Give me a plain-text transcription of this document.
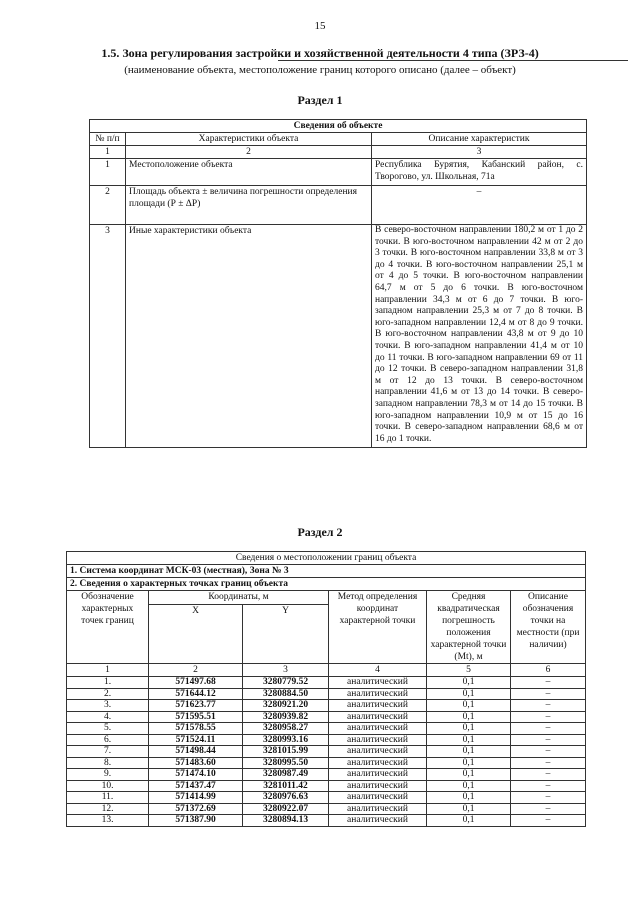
15
1.5. Зона регулирования застройки и хозяйственной деятельности 4 типа (ЗРЗ-4)
(наименование объекта, местоположение границ которого описано (далее – объект)
Раздел 1
Сведения об объекте		
№ п/п	Характеристики объекта	Описание характеристик
1	2	3
1	Местоположение объекта	Республика Бурятия, Кабанский район, с. Творогово, ул. Школьная, 71а
2	Площадь объекта ± величина погрешности определения площади (Р ± ΔР)	–
3	Иные характеристики объекта	В северо-восточном направлении 180,2 м от 1 до 2 точки. В юго-восточном направлении 42 м от 2 до 3 точки. В юго-восточном направлении 33,8 м от 3 до 4 точки. В юго-восточном направлении 25,1 м от 4 до 5 точки. В юго-восточном направлении 64,7 м от 5 до 6 точки. В юго-восточном направлении 34,3 м от 6 до 7 точки. В юго-западном направлении 25,3 м от 7 до 8 точки. В юго-западном направлении 12,4 м от 8 до 9 точки. В юго-восточном направлении 43,8 м от 9 до 10 точки. В юго-западном направлении 41,4 м от 10 до 11 точки. В юго-западном направлении 69 от 11 до 12 точки. В северо-западном направлении 31,8 м от 12 до 13 точки. В северо-восточном направлении 41,6 м от 13 до 14 точки. В северо-западном направлении 78,3 м от 14 до 15 точки. В юго-западном направлении 10,9 м от 15 до 16 точки. В северо-западном направлении 68,6 м от 16 до 1 точки.
Раздел 2
Сведения о местоположении границ объекта					
1. Система координат МСК-03 (местная), Зона № 3					
2. Сведения о характерных точках границ объекта					
Обозначение характерных точек границ	Координаты, м		Метод определения координат характерной точки	Средняя квадратическая погрешность положения характерной точки (Мt), м	Описание обозначения точки на местности (при наличии)
	X	Y			
1	2	3	4	5	6
1.	571497.68	3280779.52	аналитический	0,1	–
2.	571644.12	3280884.50	аналитический	0,1	–
3.	571623.77	3280921.20	аналитический	0,1	–
4.	571595.51	3280939.82	аналитический	0,1	–
5.	571578.55	3280958.27	аналитический	0,1	–
6.	571524.11	3280993.16	аналитический	0,1	–
7.	571498.44	3281015.99	аналитический	0,1	–
8.	571483.60	3280995.50	аналитический	0,1	–
9.	571474.10	3280987.49	аналитический	0,1	–
10.	571437.47	3281011.42	аналитический	0,1	–
11.	571414.99	3280976.63	аналитический	0,1	–
12.	571372.69	3280922.07	аналитический	0,1	–
13.	571387.90	3280894.13	аналитический	0,1	–
